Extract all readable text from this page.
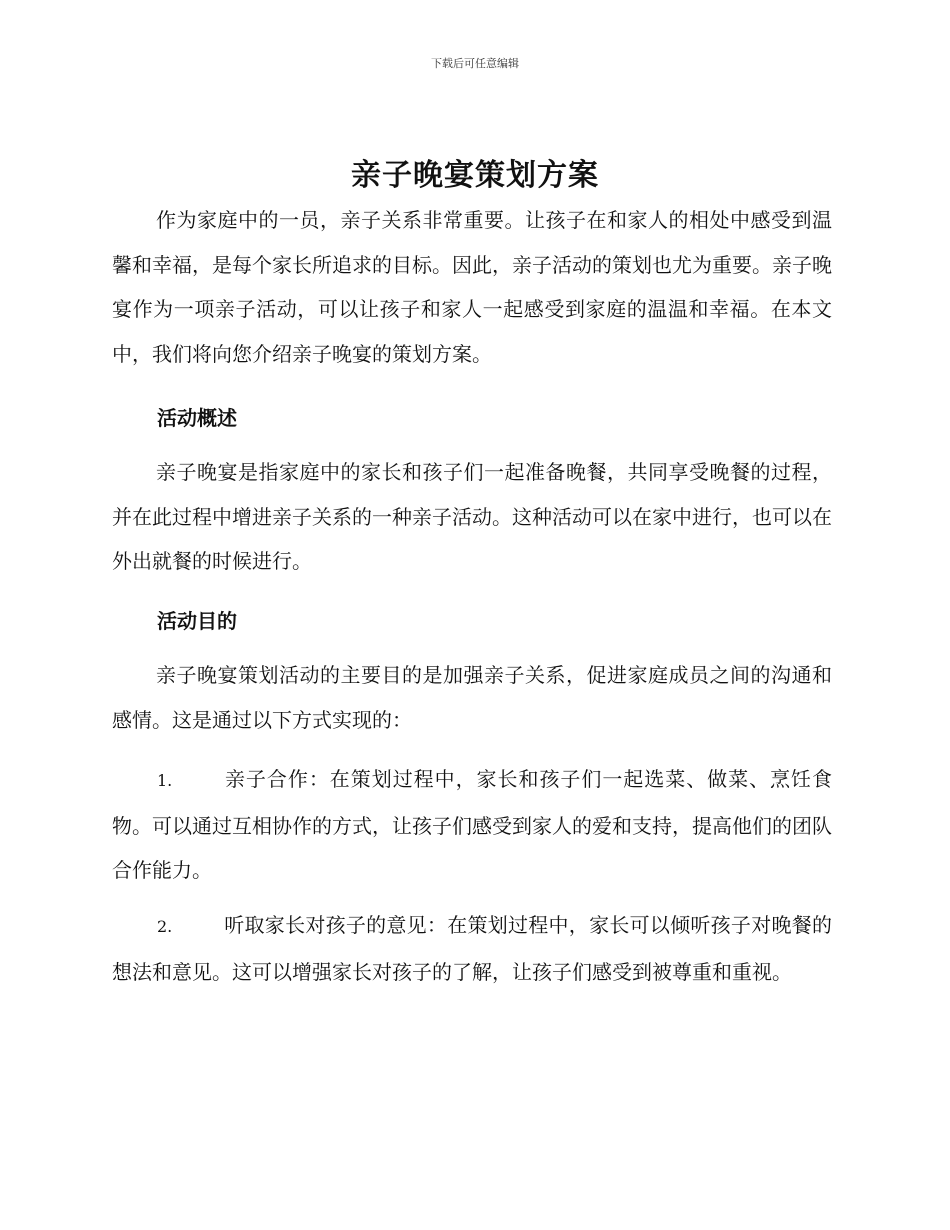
下载后可任意编辑
亲子晚宴策划方案

作为家庭中的一员，亲子关系非常重要。让孩子在和家人的相处中感受到温馨和幸福，是每个家长所追求的目标。因此，亲子活动的策划也尤为重要。亲子晚宴作为一项亲子活动，可以让孩子和家人一起感受到家庭的温温和幸福。在本文中，我们将向您介绍亲子晚宴的策划方案。

活动概述

亲子晚宴是指家庭中的家长和孩子们一起准备晚餐，共同享受晚餐的过程，并在此过程中增进亲子关系的一种亲子活动。这种活动可以在家中进行，也可以在外出就餐的时候进行。

活动目的

亲子晚宴策划活动的主要目的是加强亲子关系，促进家庭成员之间的沟通和感情。这是通过以下方式实现的：

1.	亲子合作：在策划过程中，家长和孩子们一起选菜、做菜、烹饪食物。可以通过互相协作的方式，让孩子们感受到家人的爱和支持，提高他们的团队合作能力。

2.	听取家长对孩子的意见：在策划过程中，家长可以倾听孩子对晚餐的想法和意见。这可以增强家长对孩子的了解，让孩子们感受到被尊重和重视。
